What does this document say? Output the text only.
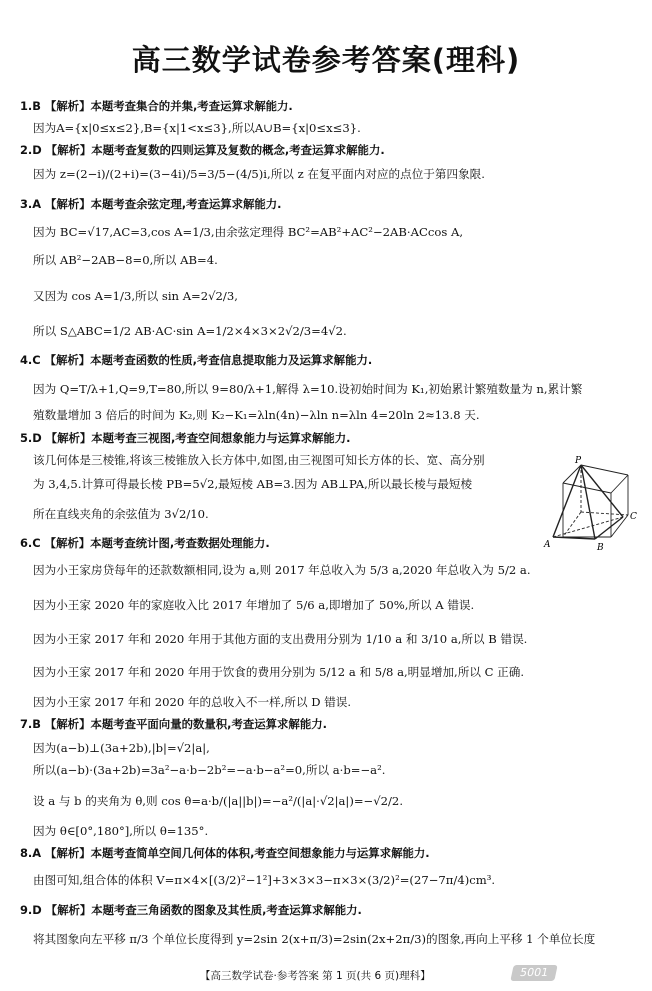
高三数学试卷参考答案(理科)
1.B 【解析】本题考查集合的并集,考查运算求解能力.
因为A={x|0≤x≤2},B={x|1<x≤3},所以A∪B={x|0≤x≤3}.
2.D 【解析】本题考查复数的四则运算及复数的概念,考查运算求解能力.
因为 z=(2−i)/(2+i)=(3−4i)/5=3/5−(4/5)i,所以 z 在复平面内对应的点位于第四象限.
3.A 【解析】本题考查余弦定理,考查运算求解能力.
因为 BC=√17,AC=3,cos A=1/3,由余弦定理得 BC²=AB²+AC²−2AB·ACcos A,
所以 AB²−2AB−8=0,所以 AB=4.
又因为 cos A=1/3,所以 sin A=2√2/3,
所以 S△ABC=1/2 AB·AC·sin A=1/2×4×3×2√2/3=4√2.
4.C 【解析】本题考查函数的性质,考查信息提取能力及运算求解能力.
因为 Q=T/λ+1,Q=9,T=80,所以 9=80/λ+1,解得 λ=10.设初始时间为 K₁,初始累计繁殖数量为 n,累计繁
殖数量增加 3 倍后的时间为 K₂,则 K₂−K₁=λln(4n)−λln n=λln 4=20ln 2≈13.8 天.
5.D 【解析】本题考查三视图,考查空间想象能力与运算求解能力.
该几何体是三棱锥,将该三棱锥放入长方体中,如图,由三视图可知长方体的长、宽、高分别
为 3,4,5.计算可得最长棱 PB=5√2,最短棱 AB=3.因为 AB⊥PA,所以最长棱与最短棱
所在直线夹角的余弦值为 3√2/10.
P
A	B
C
6.C 【解析】本题考查统计图,考查数据处理能力.
因为小王家房贷每年的还款数额相同,设为 a,则 2017 年总收入为 5/3 a,2020 年总收入为 5/2 a.
因为小王家 2020 年的家庭收入比 2017 年增加了 5/6 a,即增加了 50%,所以 A 错误.
因为小王家 2017 年和 2020 年用于其他方面的支出费用分别为 1/10 a 和 3/10 a,所以 B 错误.
因为小王家 2017 年和 2020 年用于饮食的费用分别为 5/12 a 和 5/8 a,明显增加,所以 C 正确.
因为小王家 2017 年和 2020 年的总收入不一样,所以 D 错误.
7.B 【解析】本题考查平面向量的数量积,考查运算求解能力.
因为(a−b)⊥(3a+2b),|b|=√2|a|,
所以(a−b)·(3a+2b)=3a²−a·b−2b²=−a·b−a²=0,所以 a·b=−a².
设 a 与 b 的夹角为 θ,则 cos θ=a·b/(|a||b|)=−a²/(|a|·√2|a|)=−√2/2.
因为 θ∈[0°,180°],所以 θ=135°.
8.A 【解析】本题考查简单空间几何体的体积,考查空间想象能力与运算求解能力.
由图可知,组合体的体积 V=π×4×[(3/2)²−1²]+3×3×3−π×3×(3/2)²=(27−7π/4)cm³.
9.D 【解析】本题考查三角函数的图象及其性质,考查运算求解能力.
将其图象向左平移 π/3 个单位长度得到 y=2sin 2(x+π/3)=2sin(2x+2π/3)的图象,再向上平移 1 个单位长度
【高三数学试卷·参考答案 第 1 页(共 6 页)理科】	5001
